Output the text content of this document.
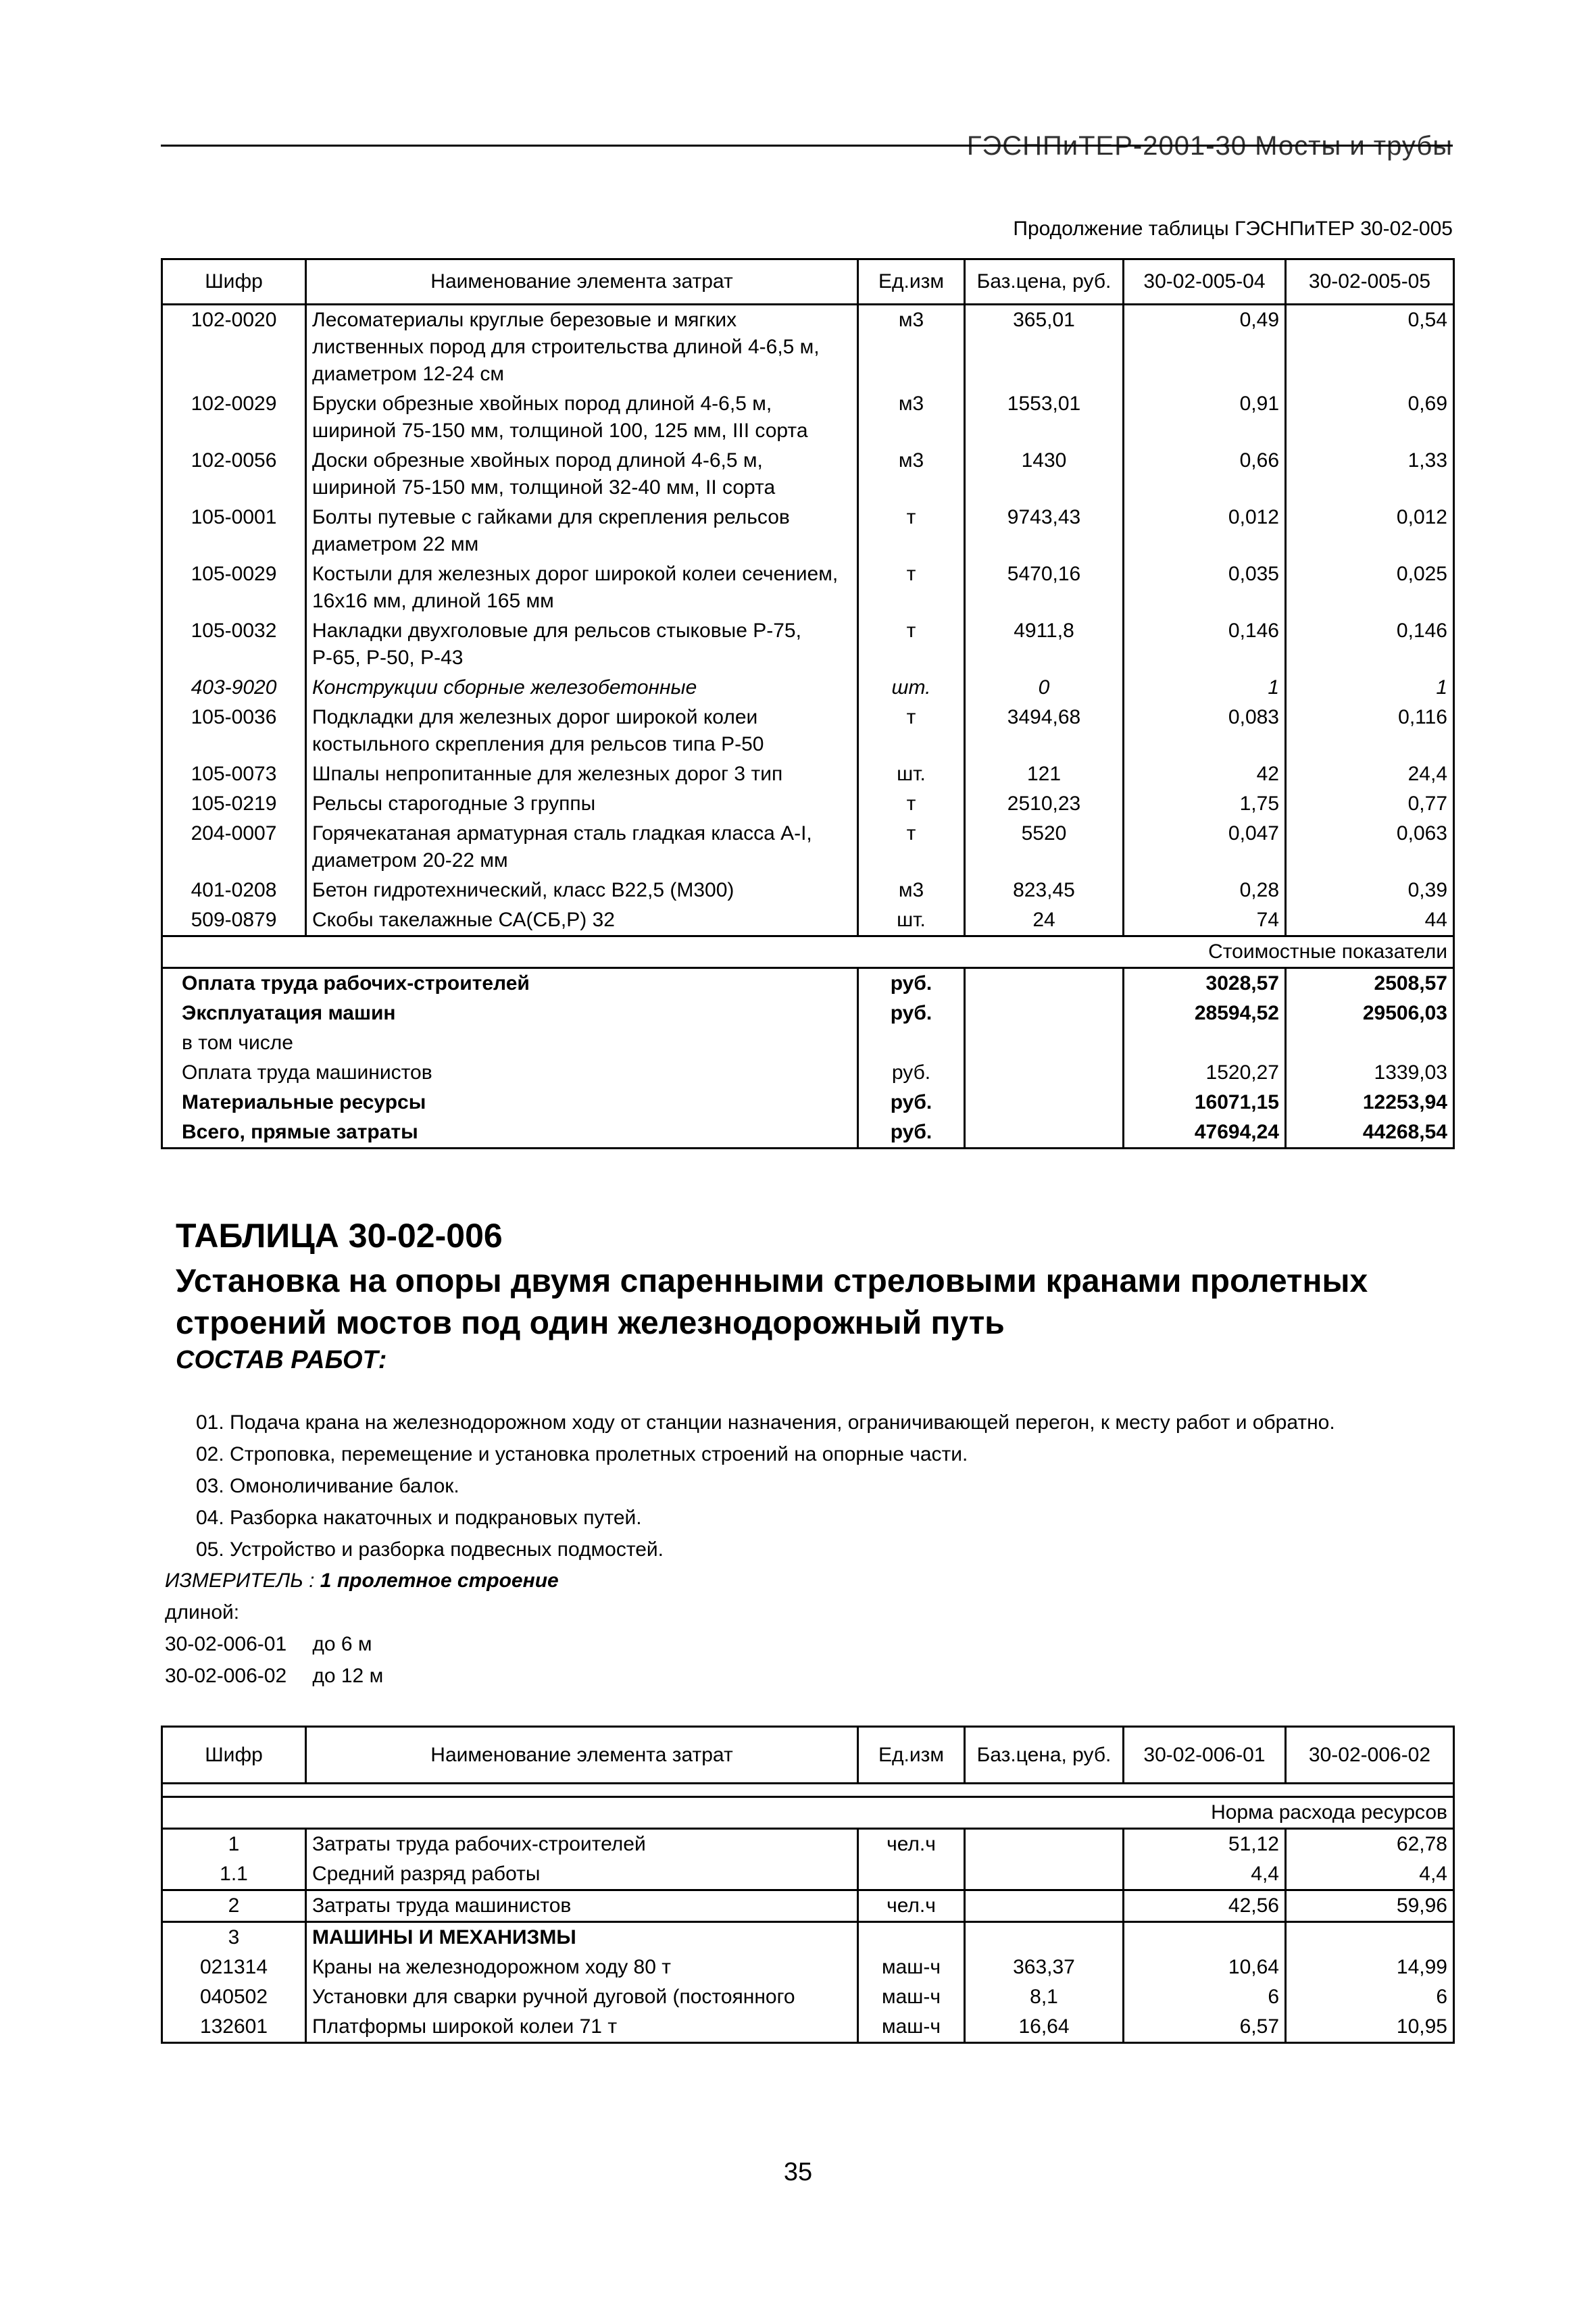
ГЭСНПиТЕР-2001-30 Мосты и трубы
Продолжение таблицы ГЭСНПиТЕР 30-02-005
Шифр	Наименование элемента затрат	Ед.изм	Баз.цена, руб.	30-02-005-04	30-02-005-05
102-0020	Лесоматериалы круглые березовые и мягких лиственных пород для строительства длиной 4-6,5 м, диаметром 12-24 см	м3	365,01	0,49	0,54
102-0029	Бруски обрезные хвойных пород длиной 4-6,5 м, шириной 75-150 мм, толщиной 100, 125 мм, III сорта	м3	1553,01	0,91	0,69
102-0056	Доски обрезные хвойных пород длиной 4-6,5 м, шириной 75-150 мм, толщиной 32-40 мм, II сорта	м3	1430	0,66	1,33
105-0001	Болты путевые с гайками для скрепления рельсов диаметром 22 мм	т	9743,43	0,012	0,012
105-0029	Костыли для железных дорог широкой колеи сечением, 16х16 мм, длиной 165 мм	т	5470,16	0,035	0,025
105-0032	Накладки двухголовые для рельсов стыковые Р-75, Р-65, Р-50, Р-43	т	4911,8	0,146	0,146
403-9020	Конструкции сборные железобетонные	шт.	0	1	1
105-0036	Подкладки для железных дорог широкой колеи костыльного скрепления для рельсов типа Р-50	т	3494,68	0,083	0,116
105-0073	Шпалы непропитанные для железных дорог 3 тип	шт.	121	42	24,4
105-0219	Рельсы старогодные 3 группы	т	2510,23	1,75	0,77
204-0007	Горячекатаная арматурная сталь гладкая класса А-I, диаметром 20-22 мм	т	5520	0,047	0,063
401-0208	Бетон гидротехнический, класс В22,5 (М300)	м3	823,45	0,28	0,39
509-0879	Скобы такелажные СА(СБ,Р) 32	шт.	24	74	44
Стоимостные показатели					
Оплата труда рабочих-строителей		руб.		3028,57	2508,57
Эксплуатация машин		руб.		28594,52	29506,03
в том числе					
Оплата труда машинистов		руб.		1520,27	1339,03
Материальные ресурсы		руб.		16071,15	12253,94
Всего, прямые затраты		руб.		47694,24	44268,54
ТАБЛИЦА 30-02-006
Установка на опоры двумя спаренными стреловыми кранами пролетных строений мостов под один железнодорожный путь
СОСТАВ РАБОТ:
01. Подача крана на железнодорожном ходу от станции назначения, ограничивающей перегон, к месту работ и обратно.
02. Строповка, перемещение и установка пролетных строений на опорные части.
03. Омоноличивание балок.
04. Разборка накаточных и подкрановых путей.
05. Устройство и разборка подвесных подмостей.
ИЗМЕРИТЕЛЬ : 1 пролетное строение
длиной:
30-02-006-01 до 6 м
30-02-006-02 до 12 м
Шифр	Наименование элемента затрат	Ед.изм	Баз.цена, руб.	30-02-006-01	30-02-006-02

Норма расхода ресурсов					
1	Затраты труда рабочих-строителей	чел.ч		51,12	62,78
1.1	Средний разряд работы			4,4	4,4
2	Затраты труда машинистов	чел.ч		42,56	59,96
3	МАШИНЫ И МЕХАНИЗМЫ				
021314	Краны на железнодорожном ходу 80 т	маш-ч	363,37	10,64	14,99
040502	Установки для сварки ручной дуговой (постоянного	маш-ч	8,1	6	6
132601	Платформы широкой колеи 71 т	маш-ч	16,64	6,57	10,95
35
